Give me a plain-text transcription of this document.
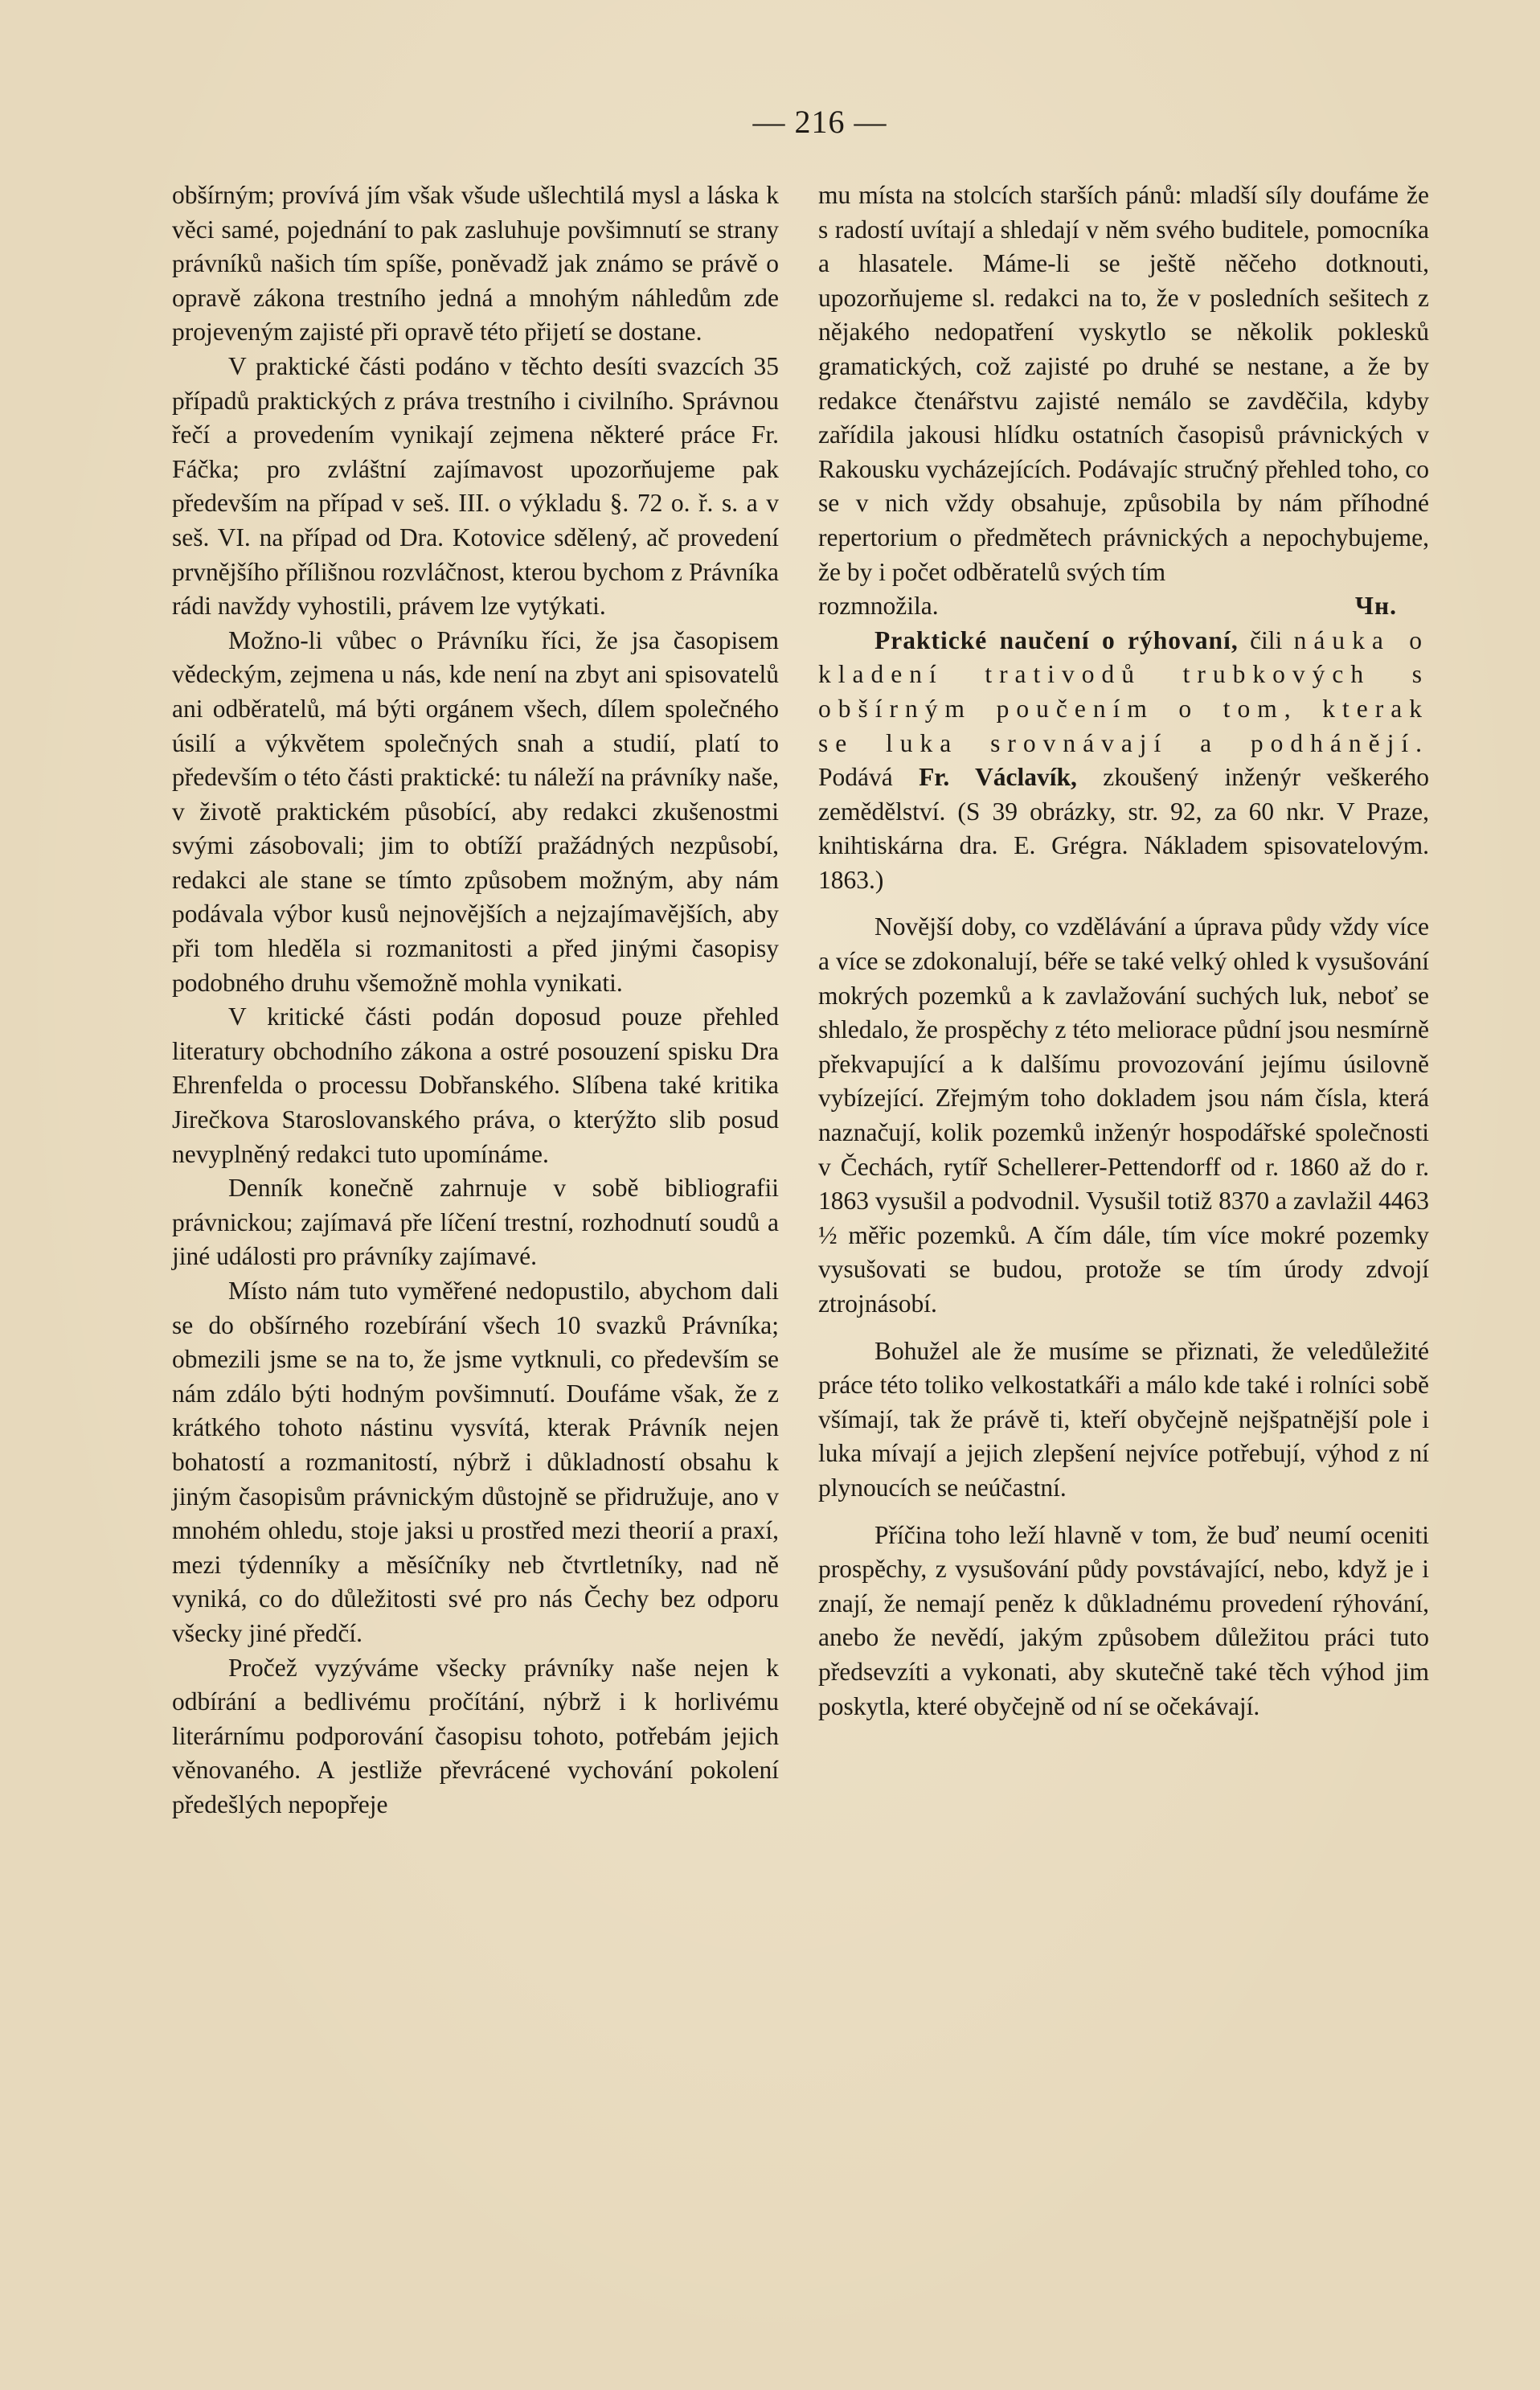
— 216 —

obšírným; provívá jím však všude ušlechtilá mysl a láska k věci samé, pojednání to pak zasluhuje povšimnutí se strany právníků našich tím spíše, poněvadž jak známo se právě o opravě zákona trestního jedná a mnohým náhledům zde projeveným zajisté při opravě této přijetí se dostane.

V praktické části podáno v těchto desíti svazcích 35 případů praktických z práva trestního i civilního. Správnou řečí a provedením vynikají zejmena některé práce Fr. Fáčka; pro zvláštní zajímavost upozorňujeme pak především na případ v seš. III. o výkladu §. 72 o. ř. s. a v seš. VI. na případ od Dra. Kotovice sdělený, ač provedení prvnějšího přílišnou rozvláčnost, kterou bychom z Právníka rádi navždy vyhostili, právem lze vytýkati.

Možno-li vůbec o Právníku říci, že jsa časopisem vědeckým, zejmena u nás, kde není na zbyt ani spisovatelů ani odběratelů, má býti orgánem všech, dílem společného úsilí a výkvětem společných snah a studií, platí to především o této části praktické: tu náleží na právníky naše, v životě praktickém působící, aby redakci zkušenostmi svými zásobovali; jim to obtíží pražádných nezpůsobí, redakci ale stane se tímto způsobem možným, aby nám podávala výbor kusů nejnovějších a nejzajímavějších, aby při tom hleděla si rozmanitosti a před jinými časopisy podobného druhu všemožně mohla vynikati.

V kritické části podán doposud pouze přehled literatury obchodního zákona a ostré posouzení spisku Dra Ehrenfelda o processu Dobřanského. Slíbena také kritika Jirečkova Staroslovanského práva, o kterýžto slib posud nevyplněný redakci tuto upomínáme.

Denník konečně zahrnuje v sobě bibliografii právnickou; zajímavá pře líčení trestní, rozhodnutí soudů a jiné události pro právníky zajímavé.

Místo nám tuto vyměřené nedopustilo, abychom dali se do obšírného rozebírání všech 10 svazků Právníka; obmezili jsme se na to, že jsme vytknuli, co především se nám zdálo býti hodným povšimnutí. Doufáme však, že z krátkého tohoto nástinu vysvítá, kterak Právník nejen bohatostí a rozmanitostí, nýbrž i důkladností obsahu k jiným časopisům právnickým důstojně se přidružuje, ano v mnohém ohledu, stoje jaksi u prostřed mezi theorií a praxí, mezi týdenníky a měsíčníky neb čtvrtletníky, nad ně vyniká, co do důležitosti své pro nás Čechy bez odporu všecky jiné předčí.

Pročež vyzýváme všecky právníky naše nejen k odbírání a bedlivému pročítání, nýbrž i k horlivému literárnímu podporování časopisu tohoto, potřebám jejich věnovaného. A jestliže převrácené vychování pokolení předešlých nepopřeje

mu místa na stolcích starších pánů: mladší síly doufáme že s radostí uvítají a shledají v něm svého buditele, pomocníka a hlasatele. Máme-li se ještě něčeho dotknouti, upozorňujeme sl. redakci na to, že v posledních sešitech z nějakého nedopatření vyskytlo se několik poklesků gramatických, což zajisté po druhé se nestane, a že by redakce čtenářstvu zajisté nemálo se zavděčila, kdyby zařídila jakousi hlídku ostatních časopisů právnických v Rakousku vycházejících. Podávajíc stručný přehled toho, co se v nich vždy obsahuje, způsobila by nám příhodné repertorium o předmětech právnických a nepochybujeme, že by i počet odběratelů svých tím

rozmnožila.	Чн.

Praktické naučení o rýhovaní, čili náuka o kladení trativodů trubkových s obšírným poučením o tom, kterak se luka srovnávají a podhánějí. Podává Fr. Václavík, zkoušený inženýr veškerého zemědělství. (S 39 obrázky, str. 92, za 60 nkr. V Praze, knihtiskárna dra. E. Grégra. Nákladem spisovatelovým. 1863.)

Novější doby, co vzdělávání a úprava půdy vždy více a více se zdokonalují, béře se také velký ohled k vysušování mokrých pozemků a k zavlažování suchých luk, neboť se shledalo, že prospěchy z této meliorace půdní jsou nesmírně překvapující a k dalšímu provozování jejímu úsilovně vybízející. Zřejmým toho dokladem jsou nám čísla, která naznačují, kolik pozemků inženýr hospodářské společnosti v Čechách, rytíř Schellerer-Pettendorff od r. 1860 až do r. 1863 vysušil a podvodnil. Vysušil totiž 8370 a zavlažil 4463 ½ měřic pozemků. A čím dále, tím více mokré pozemky vysušovati se budou, protože se tím úrody zdvojí ztrojnásobí.

Bohužel ale že musíme se přiznati, že veledůležité práce této toliko velkostatkáři a málo kde také i rolníci sobě všímají, tak že právě ti, kteří obyčejně nejšpatnější pole i luka mívají a jejich zlepšení nejvíce potřebují, výhod z ní plynoucích se neúčastní.

Příčina toho leží hlavně v tom, že buď neumí oceniti prospěchy, z vysušování půdy povstávající, nebo, když je i znají, že nemají peněz k důkladnému provedení rýhování, anebo že nevědí, jakým způsobem důležitou práci tuto předsevzíti a vykonati, aby skutečně také těch výhod jim poskytla, které obyčejně od ní se očekávají.
